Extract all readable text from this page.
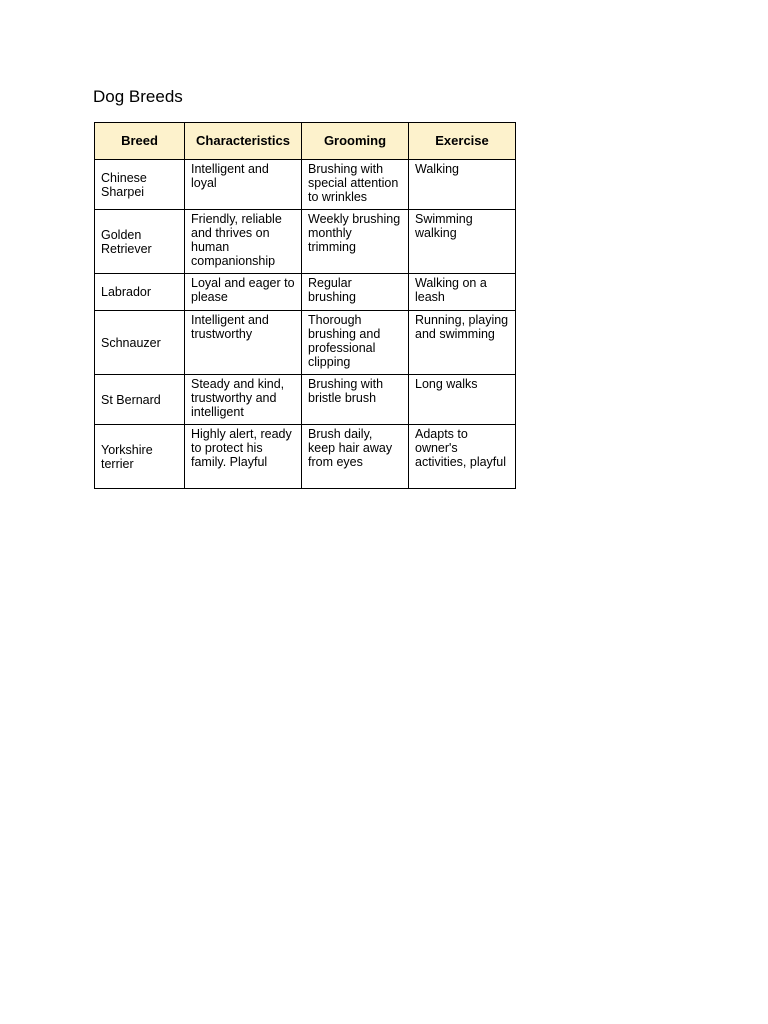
Dog Breeds
Breed	Characteristics	Grooming	Exercise
Chinese Sharpei	Intelligent and loyal	Brushing with special attention to wrinkles	Walking
Golden Retriever	Friendly, reliable and thrives on human companionship	Weekly brushing monthly trimming	Swimming walking
Labrador	Loyal and eager to please	Regular brushing	Walking on a leash
Schnauzer	Intelligent and trustworthy	Thorough brushing and professional clipping	Running, playing and swimming
St Bernard	Steady and kind, trustworthy and intelligent	Brushing with bristle brush	Long walks
Yorkshire terrier	Highly alert, ready to protect his family. Playful	Brush daily, keep hair away from eyes	Adapts to owner's activities, playful
